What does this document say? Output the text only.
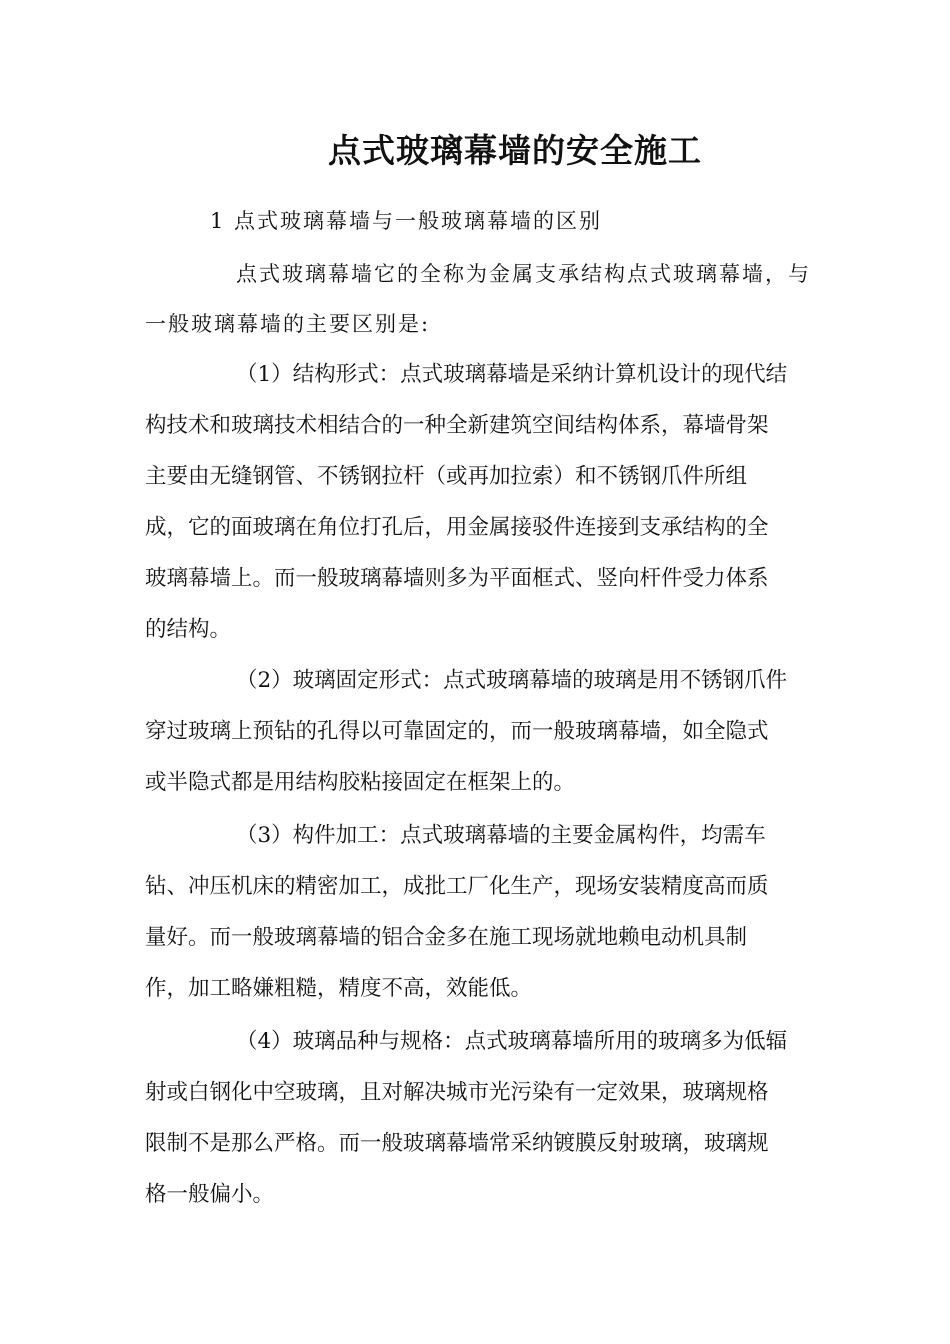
点式玻璃幕墙的安全施工

1 点式玻璃幕墙与一般玻璃幕墙的区别

点式玻璃幕墙它的全称为金属支承结构点式玻璃幕墙，与

一般玻璃幕墙的主要区别是:

（1）结构形式：点式玻璃幕墙是采纳计算机设计的现代结

构技术和玻璃技术相结合的一种全新建筑空间结构体系，幕墙骨架

主要由无缝钢管、不锈钢拉杆（或再加拉索）和不锈钢爪件所组

成，它的面玻璃在角位打孔后，用金属接驳件连接到支承结构的全

玻璃幕墙上。而一般玻璃幕墙则多为平面框式、竖向杆件受力体系

的结构。

（2）玻璃固定形式：点式玻璃幕墙的玻璃是用不锈钢爪件

穿过玻璃上预钻的孔得以可靠固定的，而一般玻璃幕墙，如全隐式

或半隐式都是用结构胶粘接固定在框架上的。

（3）构件加工：点式玻璃幕墙的主要金属构件，均需车

钻、冲压机床的精密加工，成批工厂化生产，现场安装精度高而质

量好。而一般玻璃幕墙的铝合金多在施工现场就地赖电动机具制

作，加工略嫌粗糙，精度不高，效能低。

（4）玻璃品种与规格：点式玻璃幕墙所用的玻璃多为低辐

射或白钢化中空玻璃，且对解决城市光污染有一定效果，玻璃规格

限制不是那么严格。而一般玻璃幕墙常采纳镀膜反射玻璃，玻璃规

格一般偏小。
